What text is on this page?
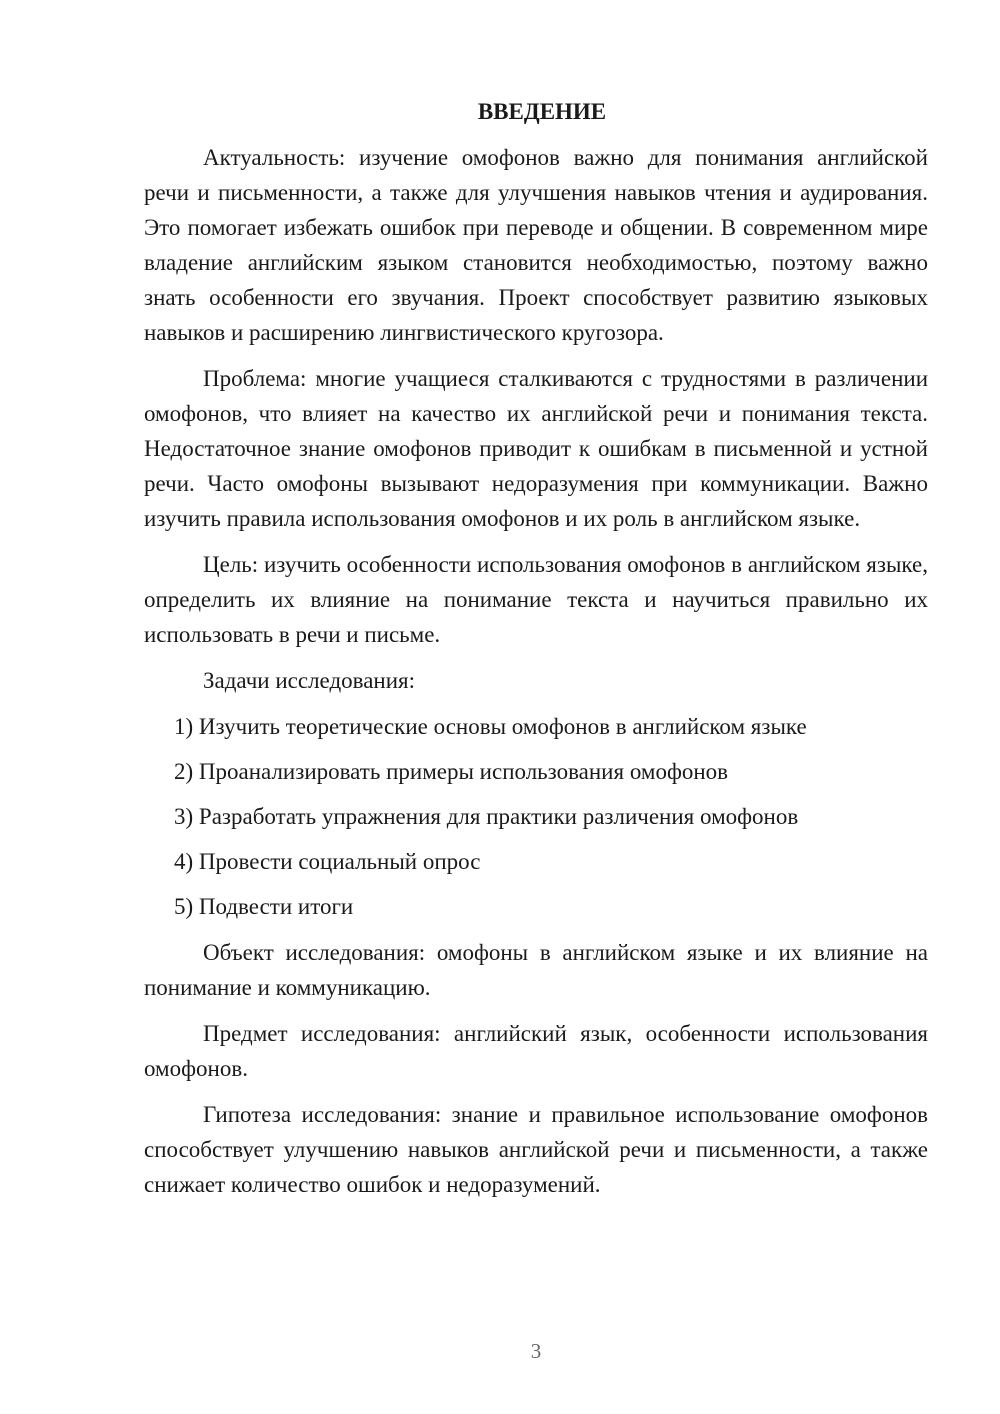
ВВЕДЕНИЕ

Актуальность: изучение омофонов важно для понимания английской речи и письменности, а также для улучшения навыков чтения и аудирования. Это помогает избежать ошибок при переводе и общении. В современном мире владение английским языком становится необходимостью, поэтому важно знать особенности его звучания. Проект способствует развитию языковых навыков и расширению лингвистического кругозора.

Проблема: многие учащиеся сталкиваются с трудностями в различении омофонов, что влияет на качество их английской речи и понимания текста. Недостаточное знание омофонов приводит к ошибкам в письменной и устной речи. Часто омофоны вызывают недоразумения при коммуникации. Важно изучить правила использования омофонов и их роль в английском языке.

Цель: изучить особенности использования омофонов в английском языке, определить их влияние на понимание текста и научиться правильно их использовать в речи и письме.

Задачи исследования:
1) Изучить теоретические основы омофонов в английском языке
2) Проанализировать примеры использования омофонов
3) Разработать упражнения для практики различения омофонов
4) Провести социальный опрос
5) Подвести итоги

Объект исследования: омофоны в английском языке и их влияние на понимание и коммуникацию.

Предмет исследования: английский язык, особенности использования омофонов.

Гипотеза исследования: знание и правильное использование омофонов способствует улучшению навыков английской речи и письменности, а также снижает количество ошибок и недоразумений.

3
